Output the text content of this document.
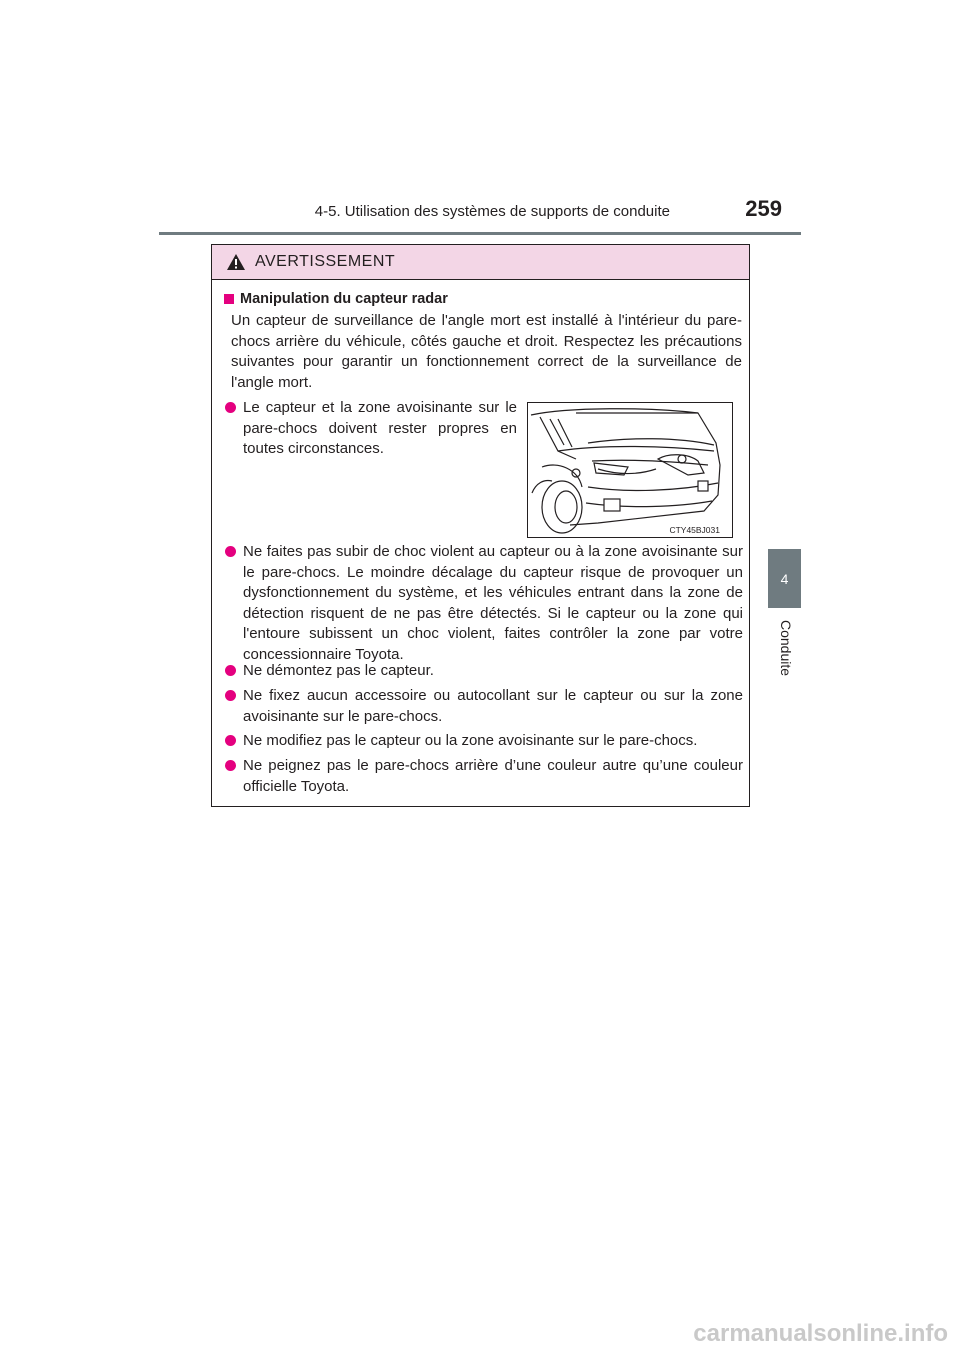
4-5. Utilisation des systèmes de supports de conduite	259
4
Conduite
AVERTISSEMENT
Manipulation du capteur radar
Un capteur de surveillance de l'angle mort est installé à l'intérieur du pare-chocs arrière du véhicule, côtés gauche et droit. Respectez les précautions suivantes pour garantir un fonctionnement correct de la surveillance de l'angle mort.
Le capteur et la zone avoisinante sur le pare-chocs doivent rester propres en toutes circonstances.
CTY45BJ031
Ne faites pas subir de choc violent au capteur ou à la zone avoisinante sur le pare-chocs. Le moindre décalage du capteur risque de provoquer un dysfonctionnement du système, et les véhicules entrant dans la zone de détection risquent de ne pas être détectés. Si le capteur ou la zone qui l'entoure subissent un choc violent, faites contrôler la zone par votre concessionnaire Toyota.
Ne démontez pas le capteur.
Ne fixez aucun accessoire ou autocollant sur le capteur ou sur la zone avoisinante sur le pare-chocs.
Ne modifiez pas le capteur ou la zone avoisinante sur le pare-chocs.
Ne peignez pas le pare-chocs arrière d’une couleur autre qu’une couleur officielle Toyota.
carmanualsonline.info
